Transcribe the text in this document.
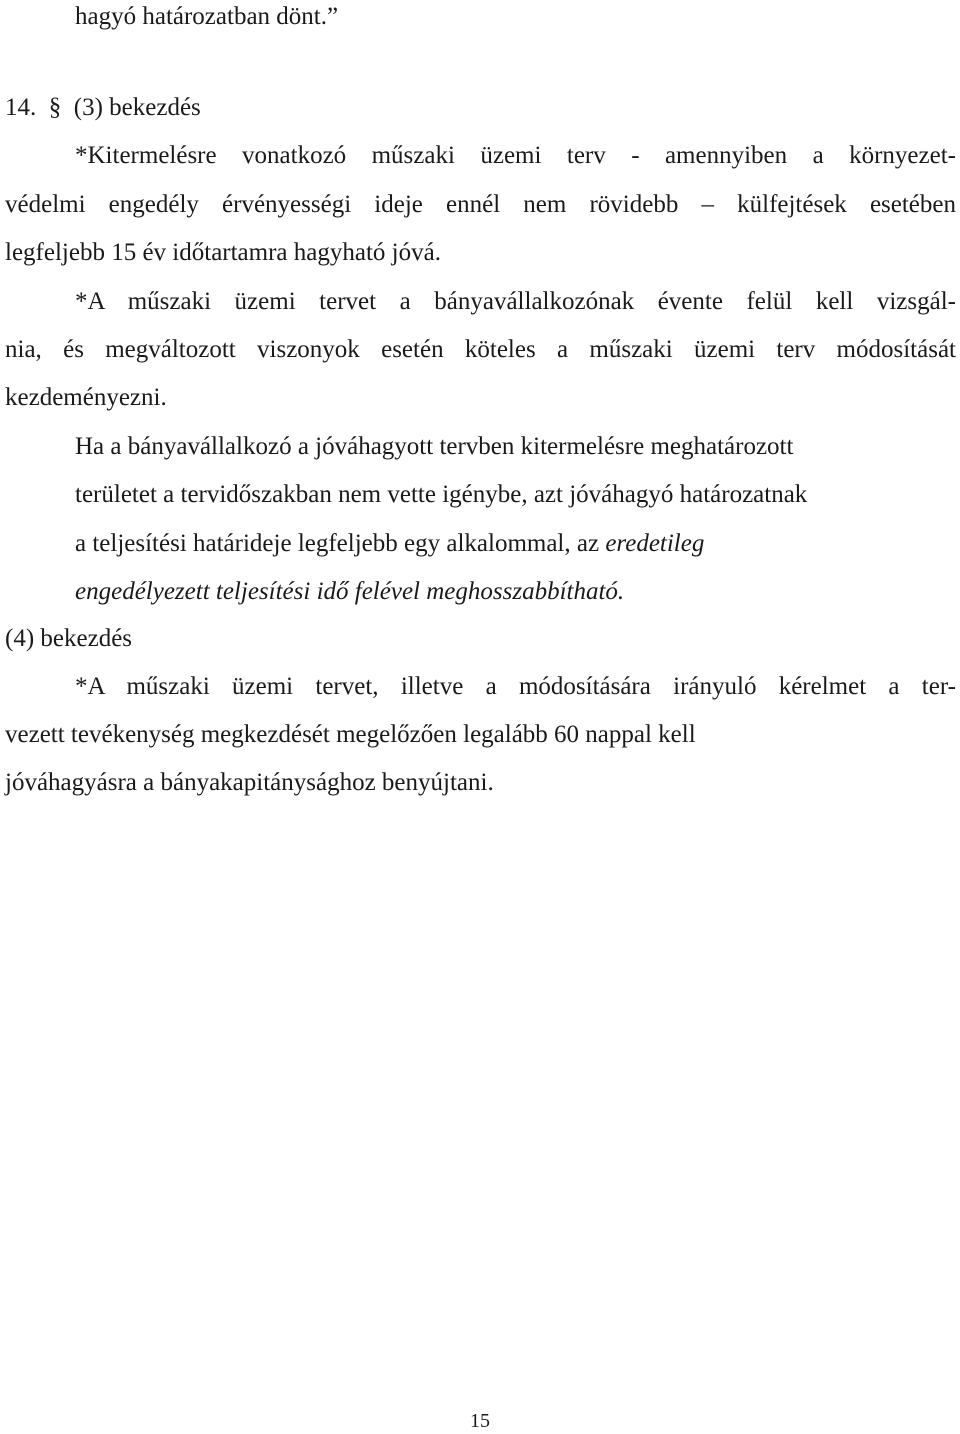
hagyó határozatban dönt.”
14. § (3) bekezdés
*Kitermelésre vonatkozó műszaki üzemi terv - amennyiben a környezet-
védelmi engedély érvényességi ideje ennél nem rövidebb – külfejtések esetében
legfeljebb 15 év időtartamra hagyható jóvá.
*A műszaki üzemi tervet a bányavállalkozónak évente felül kell vizsgál-
nia, és megváltozott viszonyok esetén köteles a műszaki üzemi terv módosítását
kezdeményezni.
Ha a bányavállalkozó a jóváhagyott tervben kitermelésre meghatározott
területet a tervidőszakban nem vette igénybe, azt jóváhagyó határozatnak
a teljesítési határideje legfeljebb egy alkalommal, az eredetileg
engedélyezett teljesítési idő felével meghosszabbítható.
(4) bekezdés
*A műszaki üzemi tervet, illetve a módosítására irányuló kérelmet a ter-
vezett tevékenység megkezdését megelőzően legalább 60 nappal kell
jóváhagyásra a bányakapitánysághoz benyújtani.
15
